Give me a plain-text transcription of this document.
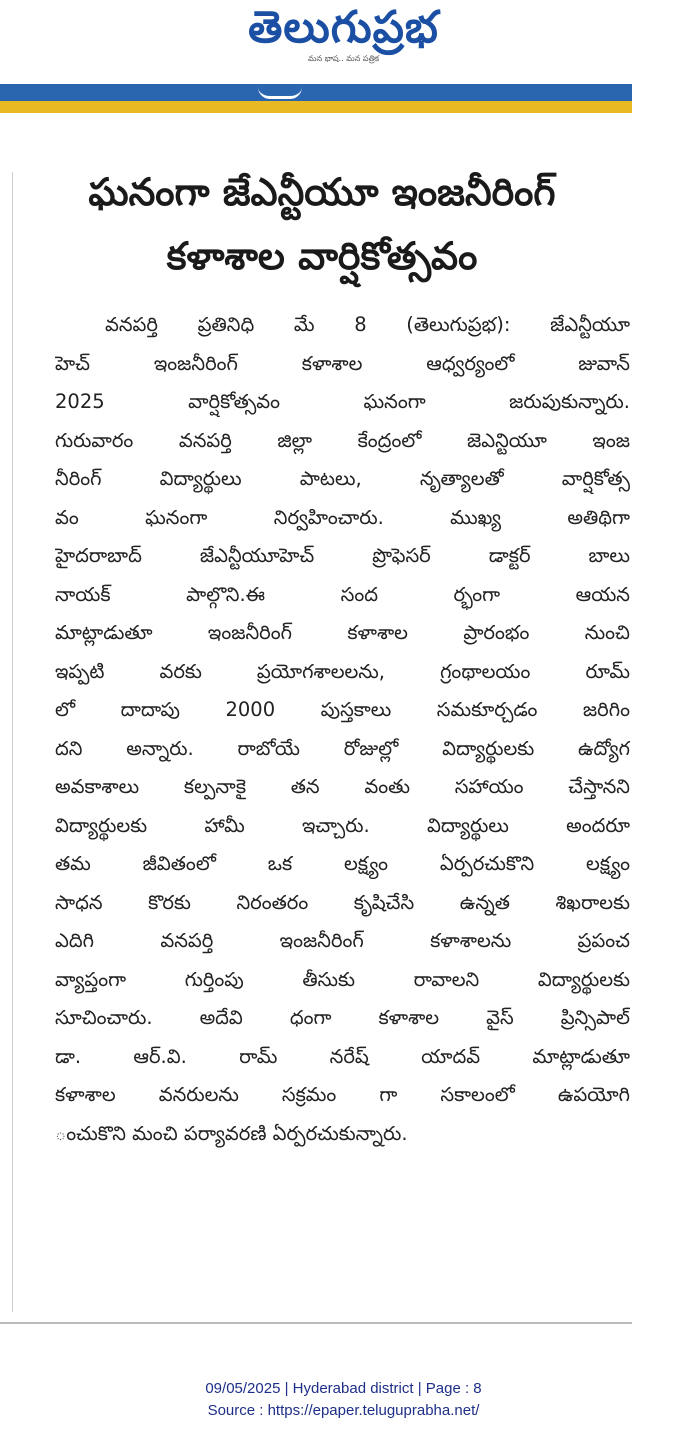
తెలుగుప్రభ
మన భాష.. మన పత్రిక
ఘనంగా జేఎన్టీయూ ఇంజనీరింగ్
కళాశాల వార్షికోత్సవం
వనపర్తి ప్రతినిధి మే 8 (తెలుగుప్రభ): జేఎన్టీయూ
హెచ్ ఇంజనీరింగ్ కళాశాల ఆధ్వర్యంలో జువాన్
2025 వార్షికోత్సవం ఘనంగా జరుపుకున్నారు.
గురువారం వనపర్తి జిల్లా కేంద్రంలో జెఎన్టియూ ఇంజ
నీరింగ్ విద్యార్థులు పాటలు, నృత్యాలతో వార్షికోత్స
వం ఘనంగా నిర్వహించారు. ముఖ్య అతిథిగా
హైదరాబాద్ జేఎన్టీయూహెచ్ ప్రొఫెసర్ డాక్టర్ బాలు
నాయక్ పాల్గొని.ఈ సంద ర్భంగా ఆయన
మాట్లాడుతూ ఇంజనీరింగ్ కళాశాల ప్రారంభం నుంచి
ఇప్పటి వరకు ప్రయోగశాలలను, గ్రంథాలయం రూమ్
లో దాదాపు 2000 పుస్తకాలు సమకూర్చడం జరిగిం
దని అన్నారు. రాబోయే రోజుల్లో విద్యార్థులకు ఉద్యోగ
అవకాశాలు కల్పనాకై తన వంతు సహాయం చేస్తానని
విద్యార్థులకు హామీ ఇచ్చారు. విద్యార్థులు అందరూ
తమ జీవితంలో ఒక లక్ష్యం ఏర్పరచుకొని లక్ష్యం
సాధన కొరకు నిరంతరం కృషిచేసి ఉన్నత శిఖరాలకు
ఎదిగి వనపర్తి ఇంజనీరింగ్ కళాశాలను ప్రపంచ
వ్యాప్తంగా గుర్తింపు తీసుకు రావాలని విద్యార్థులకు
సూచించారు. అదేవి ధంగా కళాశాల వైస్ ప్రిన్సిపాల్
డా. ఆర్.వి. రామ్ నరేష్ యాదవ్ మాట్లాడుతూ
కళాశాల వనరులను సక్రమం గా సకాలంలో ఉపయోగి
ంచుకొని మంచి పర్యావరణి ఏర్పరచుకున్నారు.
09/05/2025 | Hyderabad district | Page : 8
Source : https://epaper.teluguprabha.net/
